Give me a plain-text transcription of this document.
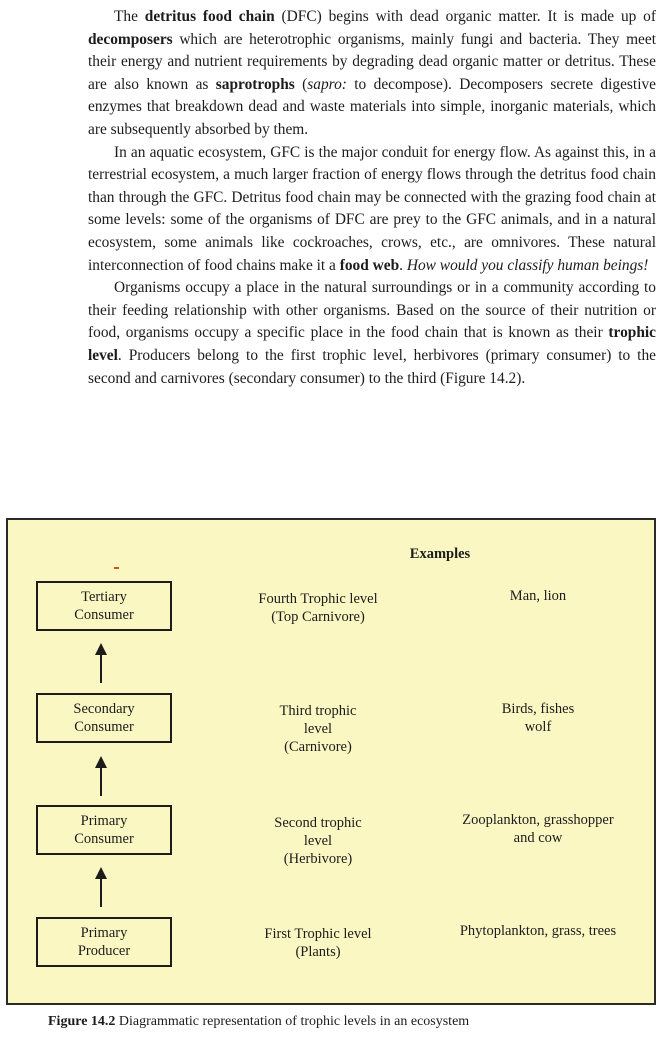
The detritus food chain (DFC) begins with dead organic matter. It is made up of decomposers which are heterotrophic organisms, mainly fungi and bacteria. They meet their energy and nutrient requirements by degrading dead organic matter or detritus. These are also known as saprotrophs (sapro: to decompose). Decomposers secrete digestive enzymes that breakdown dead and waste materials into simple, inorganic materials, which are subsequently absorbed by them.

In an aquatic ecosystem, GFC is the major conduit for energy flow. As against this, in a terrestrial ecosystem, a much larger fraction of energy flows through the detritus food chain than through the GFC. Detritus food chain may be connected with the grazing food chain at some levels: some of the organisms of DFC are prey to the GFC animals, and in a natural ecosystem, some animals like cockroaches, crows, etc., are omnivores. These natural interconnection of food chains make it a food web. How would you classify human beings!

Organisms occupy a place in the natural surroundings or in a community according to their feeding relationship with other organisms. Based on the source of their nutrition or food, organisms occupy a specific place in the food chain that is known as their trophic level. Producers belong to the first trophic level, herbivores (primary consumer) to the second and carnivores (secondary consumer) to the third (Figure 14.2).

Examples
Tertiary
Consumer
Fourth Trophic level
(Top Carnivore)
Man, lion
Secondary
Consumer
Third trophic
level
(Carnivore)
Birds, fishes
wolf
Primary
Consumer
Second trophic
level
(Herbivore)
Zooplankton, grasshopper
and cow
Primary
Producer
First Trophic level
(Plants)
Phytoplankton, grass, trees
Figure 14.2 Diagrammatic representation of trophic levels in an ecosystem
